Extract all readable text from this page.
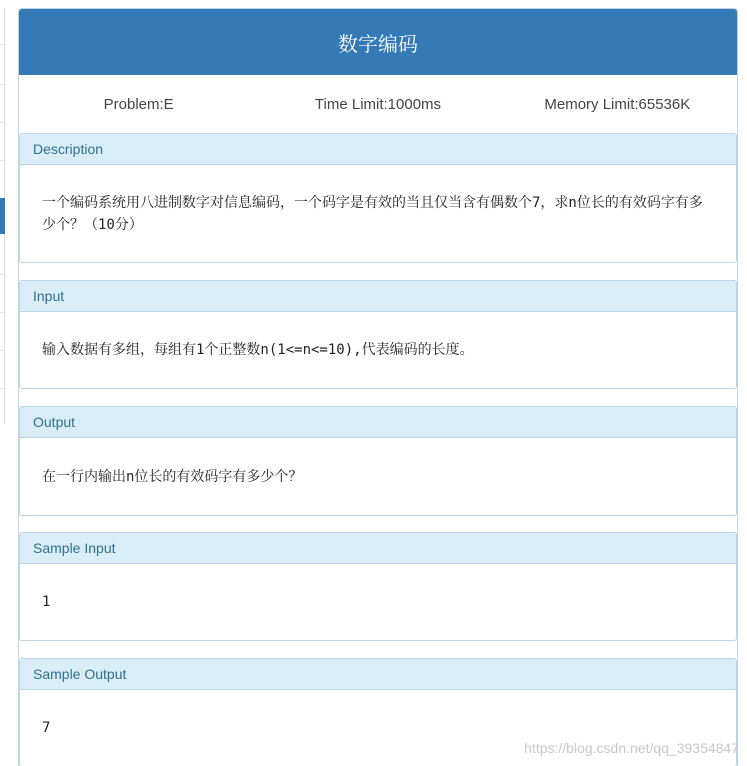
数字编码
Problem:E	Time Limit:1000ms	Memory Limit:65536K
Description
一个编码系统用八进制数字对信息编码，一个码字是有效的当且仅当含有偶数个7，求n位长的有效码字有多少个？（10分）
Input
输入数据有多组，每组有1个正整数n(1<=n<=10),代表编码的长度。
Output
在一行内输出n位长的有效码字有多少个？
Sample Input
1
Sample Output
7
https://blog.csdn.net/qq_39354847
